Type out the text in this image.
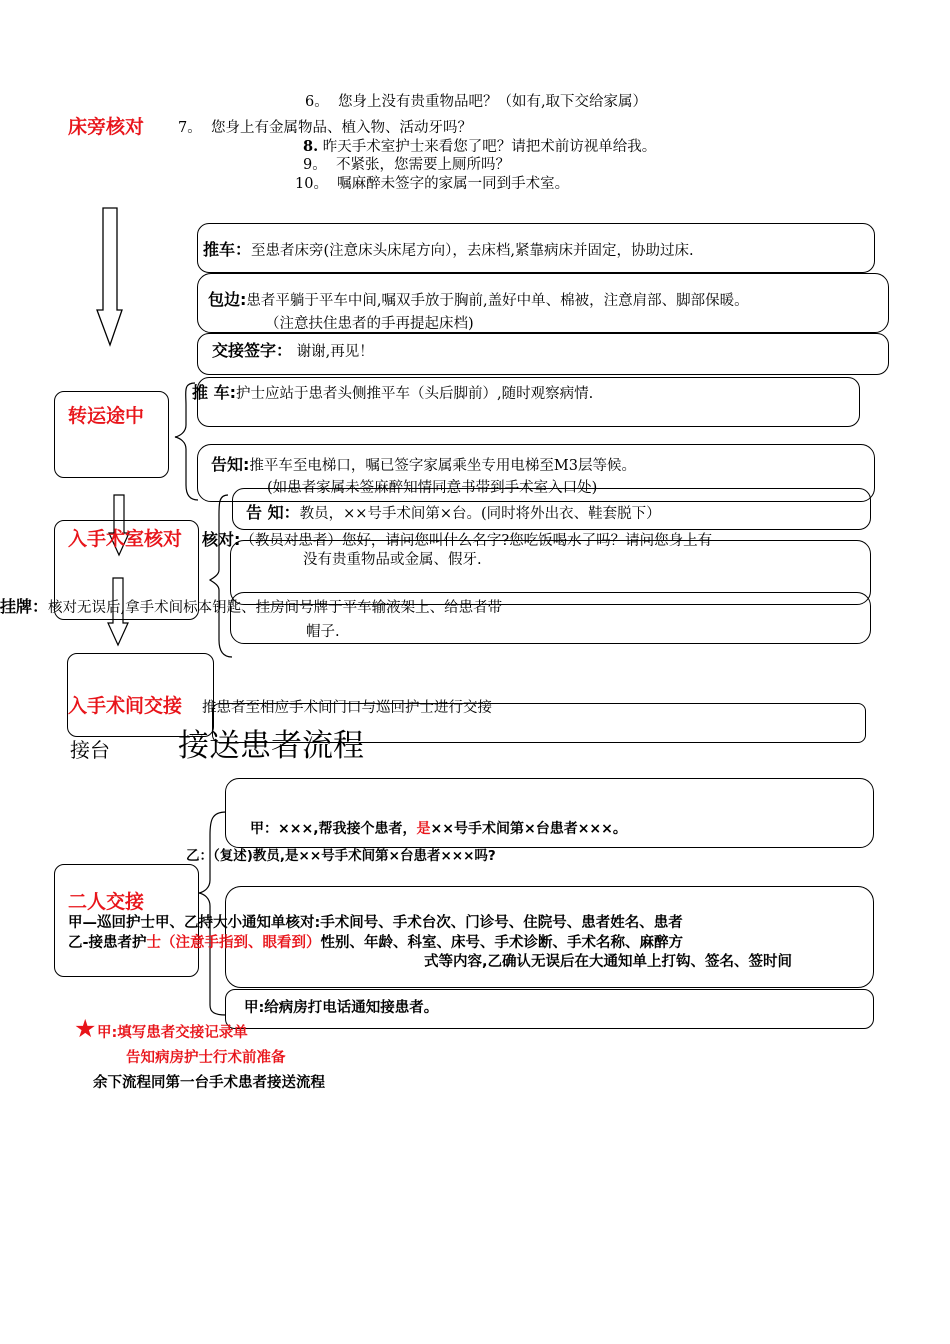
床旁核对
6。 您身上没有贵重物品吧？（如有,取下交给家属）
7。 您身上有金属物品、植入物、活动牙吗？
8. 昨天手术室护士来看您了吧？请把术前访视单给我。
9。 不紧张，您需要上厕所吗？
10。 嘱麻醉未签字的家属一同到手术室。
推车：至患者床旁(注意床头床尾方向），去床档,紧靠病床并固定，协助过床.
包边:患者平躺于平车中间,嘱双手放于胸前,盖好中单、棉被，注意肩部、脚部保暖。
（注意扶住患者的手再提起床档)
交接签字： 谢谢,再见！
转运途中
推 车:护士应站于患者头侧推平车（头后脚前）,随时观察病情.
告知:推平车至电梯口，嘱已签字家属乘坐专用电梯至M3层等候。
(如患者家属未签麻醉知情同意书带到手术室入口处)
告 知：教员，××号手术间第×台。(同时将外出衣、鞋套脱下）
入手术室核对 核对:（教员对患者）您好，请问您叫什么名字?您吃饭喝水了吗？请问您身上有
没有贵重物品或金属、假牙.
挂牌：核对无误后,拿手术间标本钥匙、挂房间号牌于平车输液架上、给患者带
帽子.
入手术间交接 推患者至相应手术间门口与巡回护士进行交接
接台 接送患者流程
甲：×××,帮我接个患者，是××号手术间第×台患者×××。
乙：（复述)教员,是××号手术间第×台患者×××吗?
二人交接
甲—巡回护士甲、乙持大小通知单核对:手术间号、手术台次、门诊号、住院号、患者姓名、患者
乙-接患者护士（注意手指到、眼看到）性别、年龄、科室、床号、手术诊断、手术名称、麻醉方
式等内容,乙确认无误后在大通知单上打钩、签名、签时间
甲:给病房打电话通知接患者。
★ 甲:填写患者交接记录单
告知病房护士行术前准备
余下流程同第一台手术患者接送流程
